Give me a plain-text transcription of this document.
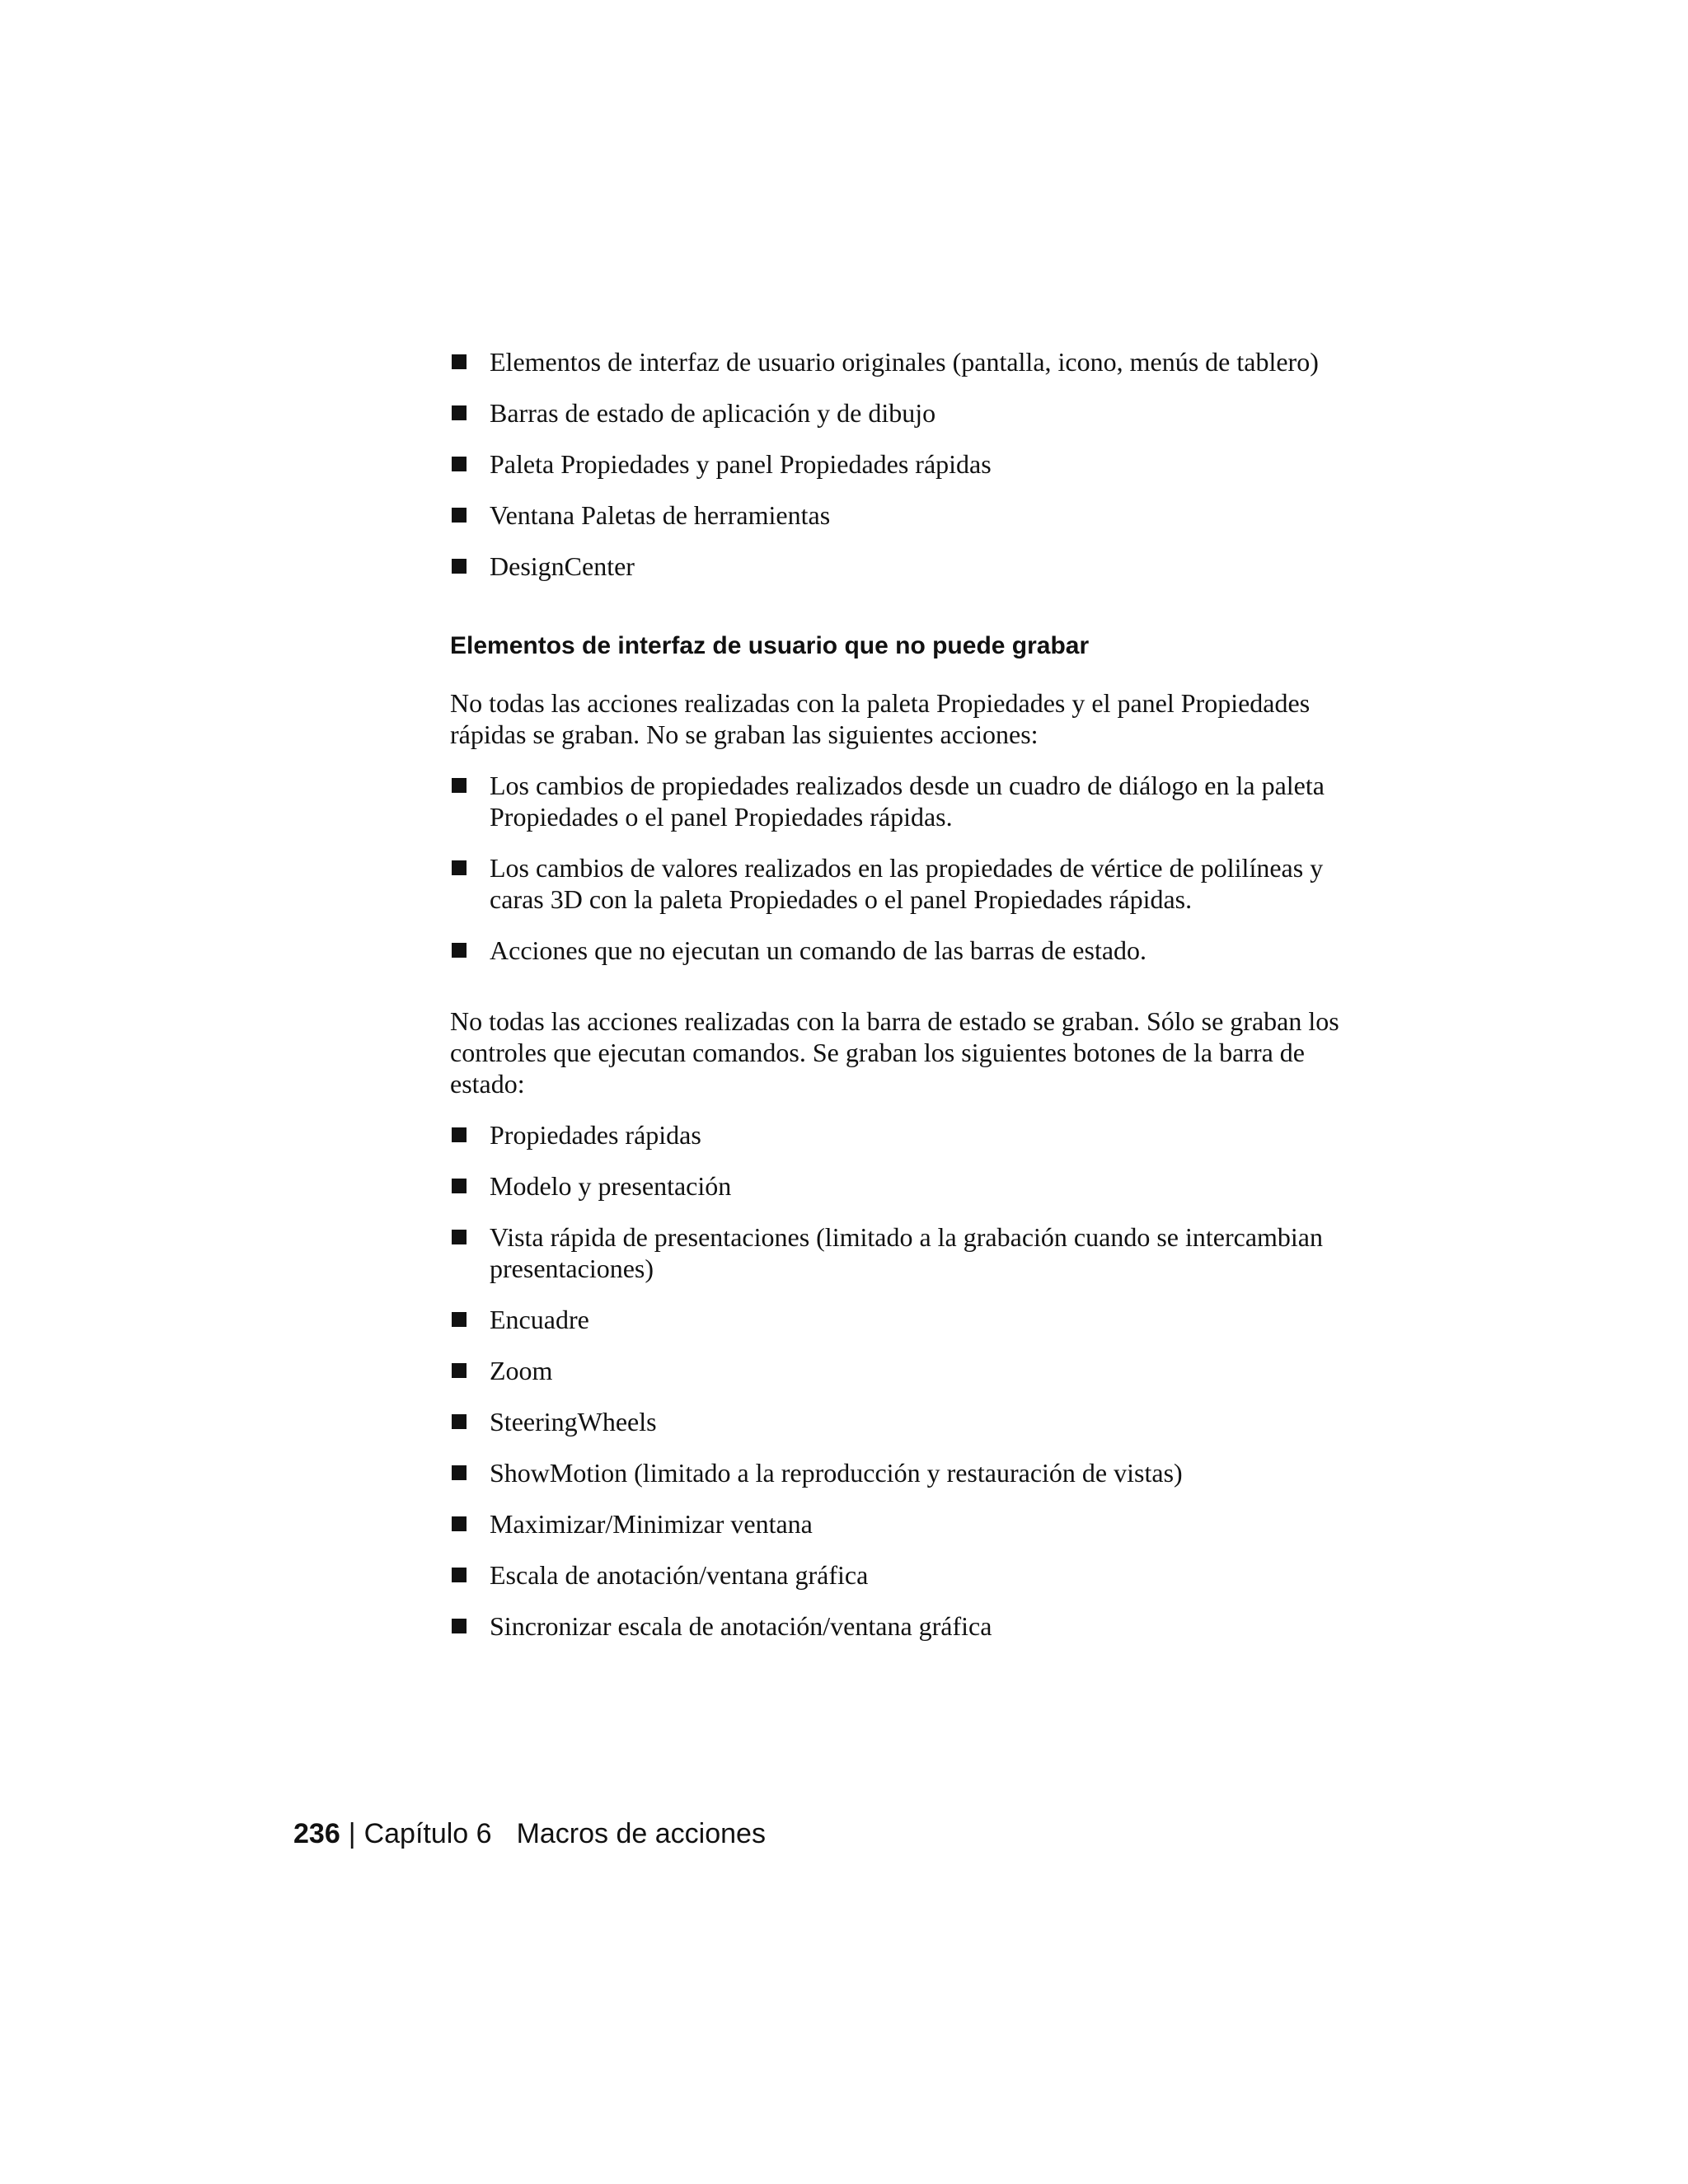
Elementos de interfaz de usuario originales (pantalla, icono, menús de tablero)
Barras de estado de aplicación y de dibujo
Paleta Propiedades y panel Propiedades rápidas
Ventana Paletas de herramientas
DesignCenter
Elementos de interfaz de usuario que no puede grabar

No todas las acciones realizadas con la paleta Propiedades y el panel Propiedades rápidas se graban. No se graban las siguientes acciones:

Los cambios de propiedades realizados desde un cuadro de diálogo en la paleta Propiedades o el panel Propiedades rápidas.
Los cambios de valores realizados en las propiedades de vértice de polilíneas y caras 3D con la paleta Propiedades o el panel Propiedades rápidas.
Acciones que no ejecutan un comando de las barras de estado.

No todas las acciones realizadas con la barra de estado se graban. Sólo se graban los controles que ejecutan comandos. Se graban los siguientes botones de la barra de estado:

Propiedades rápidas
Modelo y presentación
Vista rápida de presentaciones (limitado a la grabación cuando se intercambian presentaciones)
Encuadre
Zoom
SteeringWheels
ShowMotion (limitado a la reproducción y restauración de vistas)
Maximizar/Minimizar ventana
Escala de anotación/ventana gráfica
Sincronizar escala de anotación/ventana gráfica
236 | Capítulo 6 Macros de acciones
